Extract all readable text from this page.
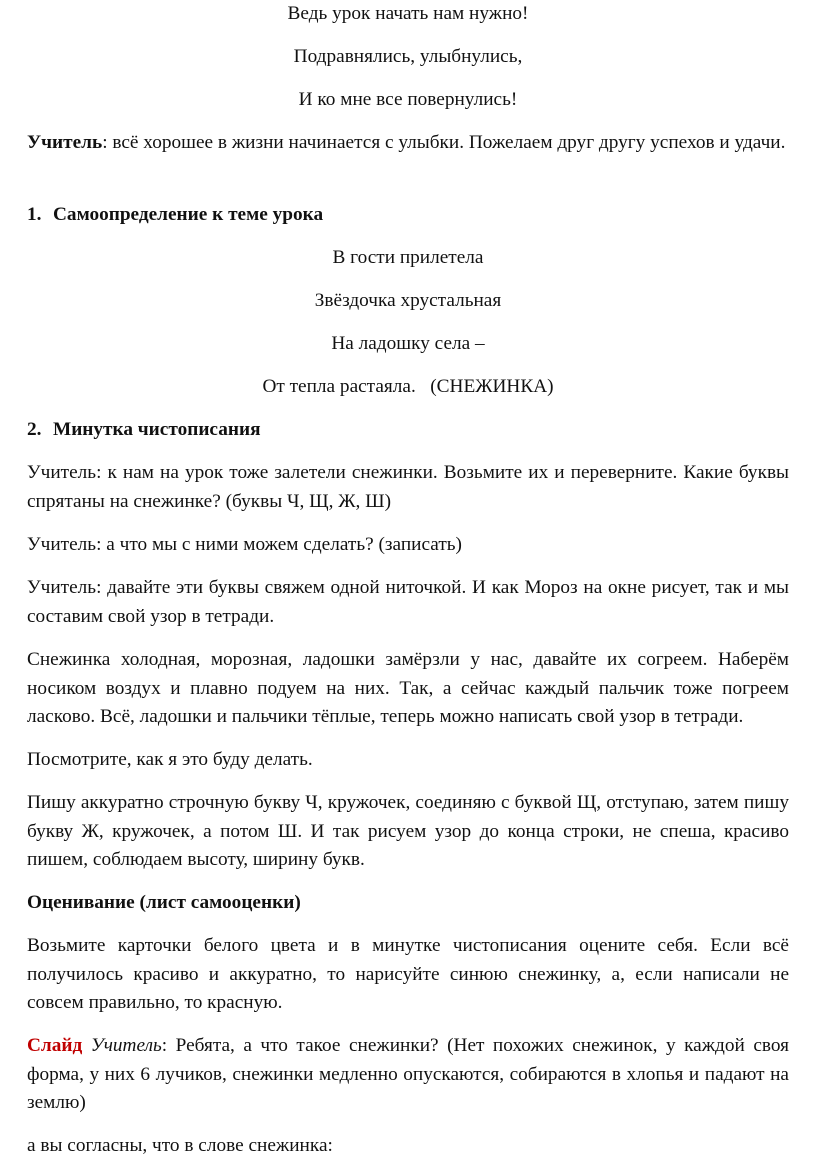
Ведь урок начать нам нужно!

Подравнялись, улыбнулись,

И ко мне все повернулись!

Учитель: всё хорошее в жизни начинается с улыбки. Пожелаем друг другу успехов и удачи.

1. Самоопределение к теме урока

В гости прилетела

Звёздочка хрустальная

На ладошку села –

От тепла растаяла.   (СНЕЖИНКА)

2. Минутка чистописания

Учитель: к нам на урок тоже залетели снежинки. Возьмите их и переверните. Какие буквы спрятаны на снежинке? (буквы Ч, Щ, Ж, Ш)

Учитель: а что мы с ними можем сделать? (записать)

Учитель: давайте эти буквы свяжем одной ниточкой. И как Мороз на окне рисует, так и мы составим свой узор в тетради.

Снежинка холодная, морозная, ладошки замёрзли у нас, давайте их согреем. Наберём носиком воздух и плавно подуем на них. Так, а сейчас каждый пальчик тоже погреем ласково. Всё, ладошки и пальчики тёплые, теперь можно написать свой узор в тетради.

Посмотрите, как я это буду делать.

Пишу аккуратно строчную букву Ч, кружочек, соединяю с буквой Щ, отступаю, затем пишу букву Ж, кружочек, а потом Ш. И так рисуем узор до конца строки, не спеша, красиво пишем, соблюдаем высоту, ширину букв.

Оценивание (лист самооценки)

Возьмите карточки белого цвета и в минутке чистописания оцените себя. Если всё получилось красиво и аккуратно, то нарисуйте синюю снежинку, а, если написали не совсем правильно, то красную.

Слайд Учитель: Ребята, а что такое снежинки? (Нет похожих снежинок, у каждой своя форма, у них 6 лучиков, снежинки медленно опускаются, собираются в хлопья и падают на землю)

а вы согласны, что в слове снежинка:
